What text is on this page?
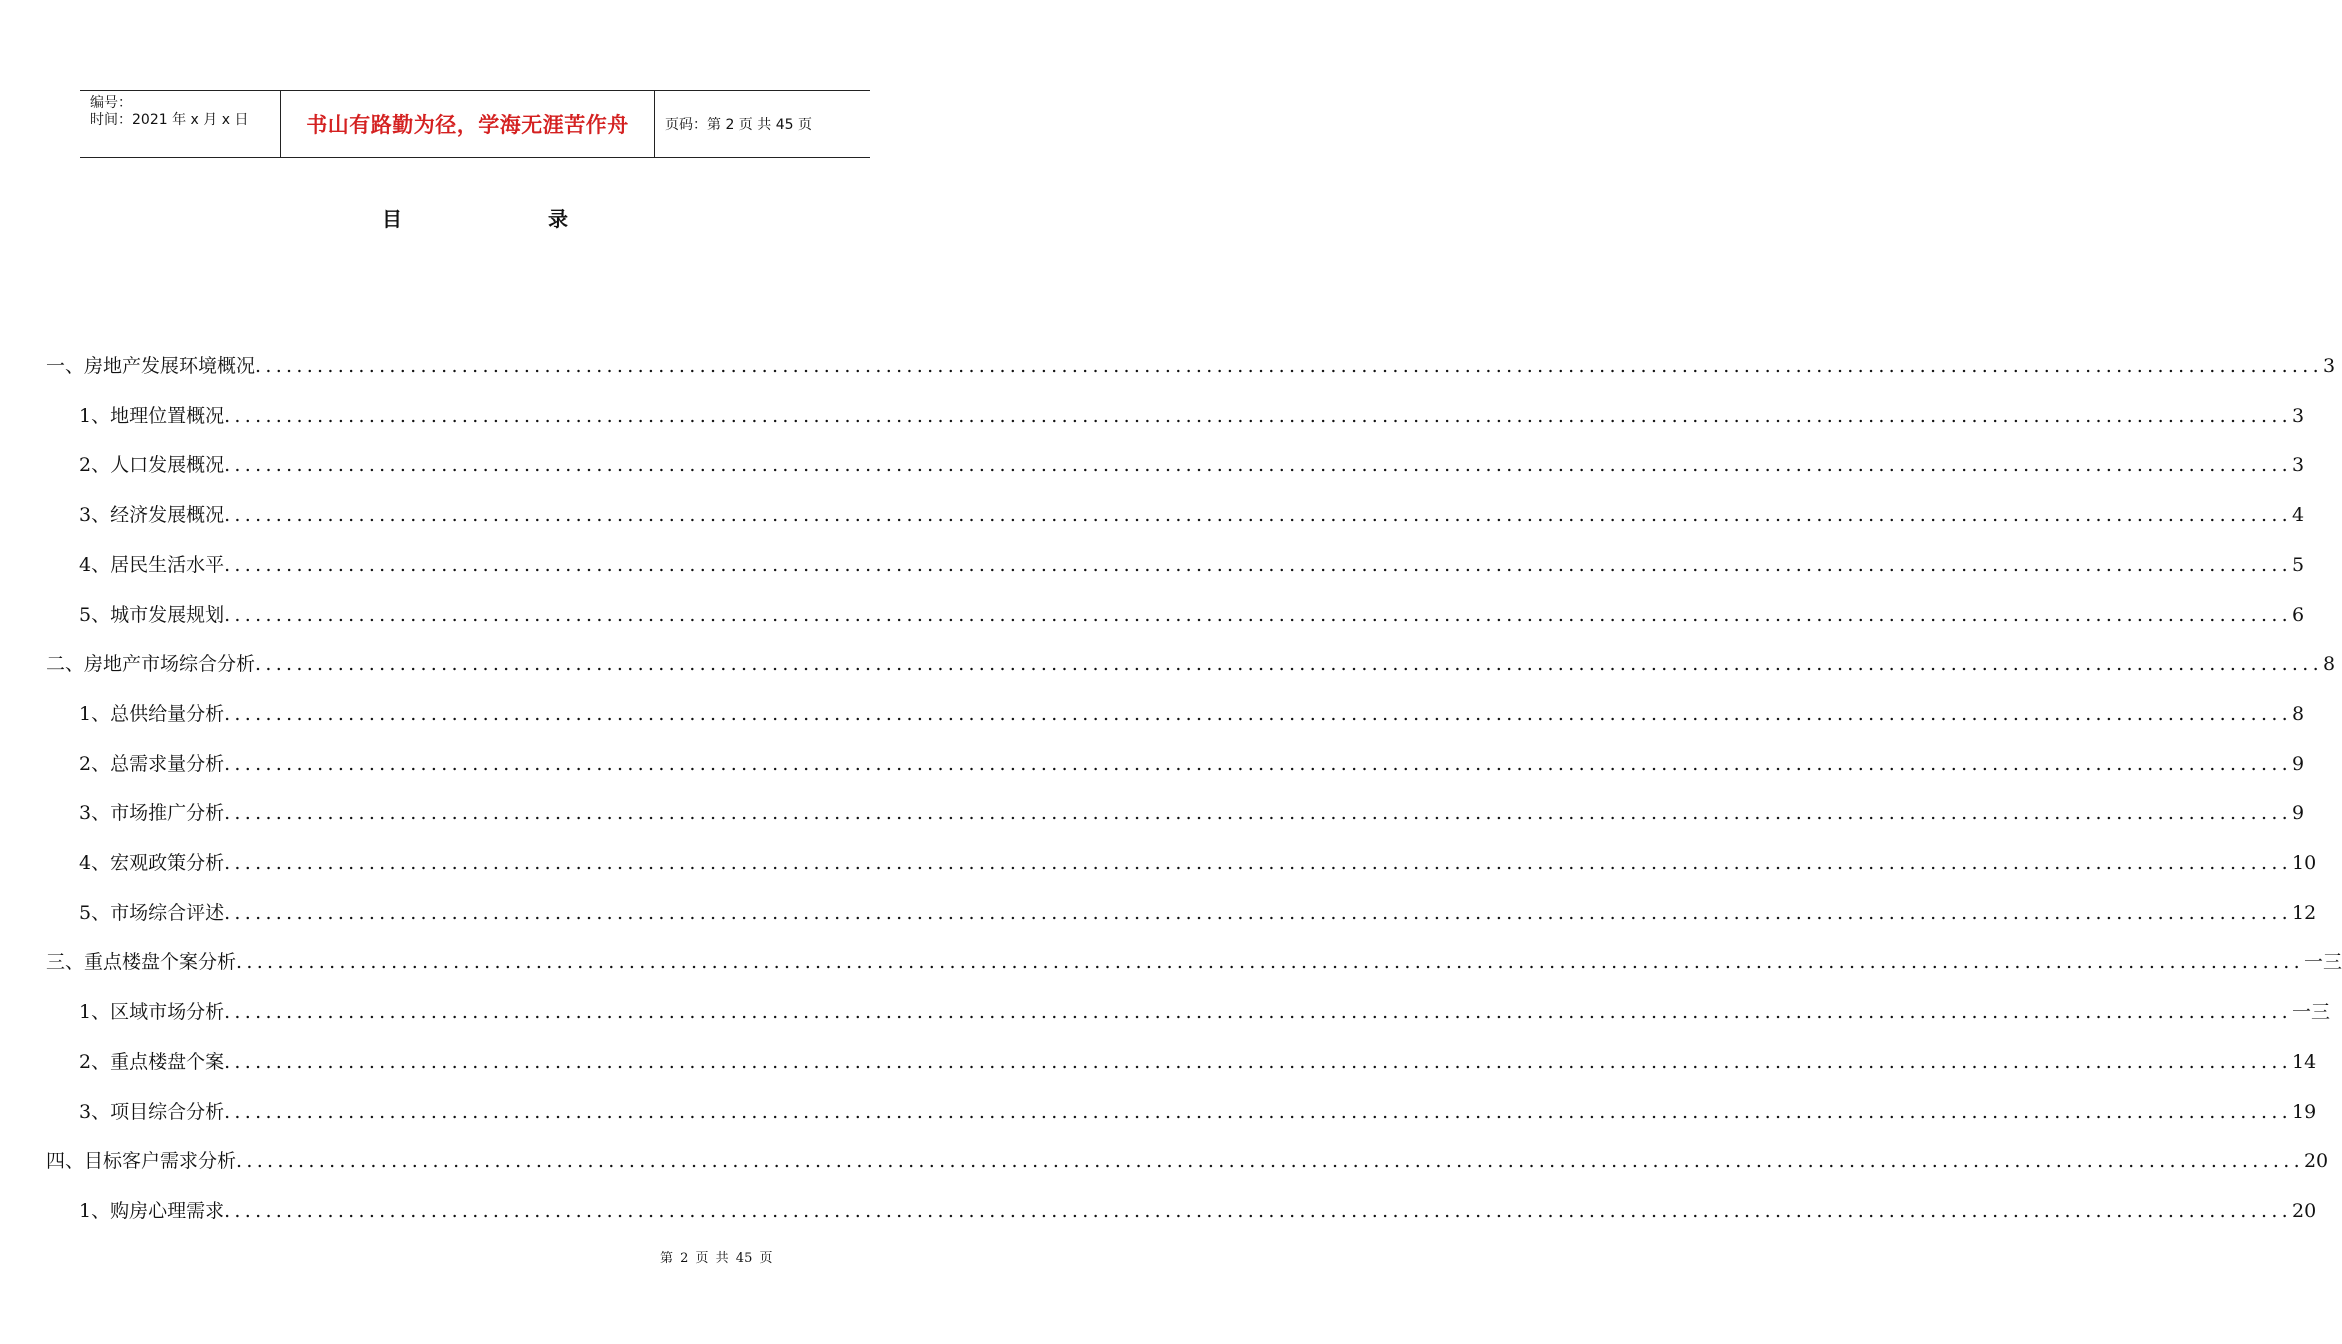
编号：
时间：2021 年 x 月 x 日	书山有路勤为径，学海无涯苦作舟	页码：第 2 页 共 45 页
目	录
一、房地产发展环境概况 ........................................................................................................................................................................................................ 3
1、地理位置概况 ........................................................................................................................................................................................................ 3
2、人口发展概况 ........................................................................................................................................................................................................ 3
3、经济发展概况 ........................................................................................................................................................................................................ 4
4、居民生活水平 ........................................................................................................................................................................................................ 5
5、城市发展规划 ........................................................................................................................................................................................................ 6
二、房地产市场综合分析 ........................................................................................................................................................................................................ 8
1、总供给量分析 ........................................................................................................................................................................................................ 8
2、总需求量分析 ........................................................................................................................................................................................................ 9
3、市场推广分析 ........................................................................................................................................................................................................ 9
4、宏观政策分析 ........................................................................................................................................................................................................ 10
5、市场综合评述 ........................................................................................................................................................................................................ 12
三、重点楼盘个案分析 ........................................................................................................................................................................................................ 一三
1、区域市场分析 ........................................................................................................................................................................................................ 一三
2、重点楼盘个案 ........................................................................................................................................................................................................ 14
3、项目综合分析 ........................................................................................................................................................................................................ 19
四、目标客户需求分析 ........................................................................................................................................................................................................ 20
1、购房心理需求 ........................................................................................................................................................................................................ 20
第 2 页 共 45 页
